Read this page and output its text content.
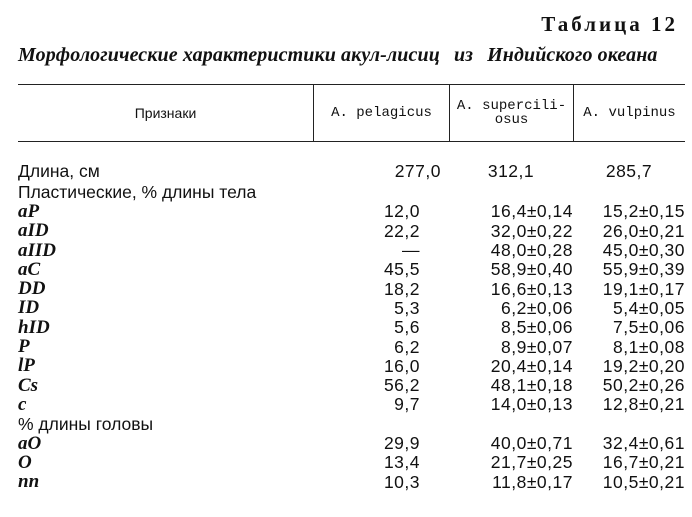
Таблица 12
Морфологические характеристики акул-лисиц из Индийского океана
Признаки	A. pelagicus	A. supercili-osus	A. vulpinus
Длина, см	277,0	312,1	285,7
Пластические, % длины тела
aP	12,0	16,4±0,14	15,2±0,15
aID	22,2	32,0±0,22	26,0±0,21
aIID	—	48,0±0,28	45,0±0,30
aC	45,5	58,9±0,40	55,9±0,39
DD	18,2	16,6±0,13	19,1±0,17
ID	5,3	6,2±0,06	5,4±0,05
hID	5,6	8,5±0,06	7,5±0,06
P	6,2	8,9±0,07	8,1±0,08
lP	16,0	20,4±0,14	19,2±0,20
Cs	56,2	48,1±0,18	50,2±0,26
c	9,7	14,0±0,13	12,8±0,21
% длины головы
aO	29,9	40,0±0,71	32,4±0,61
O	13,4	21,7±0,25	16,7±0,21
nn	10,3	11,8±0,17	10,5±0,21
